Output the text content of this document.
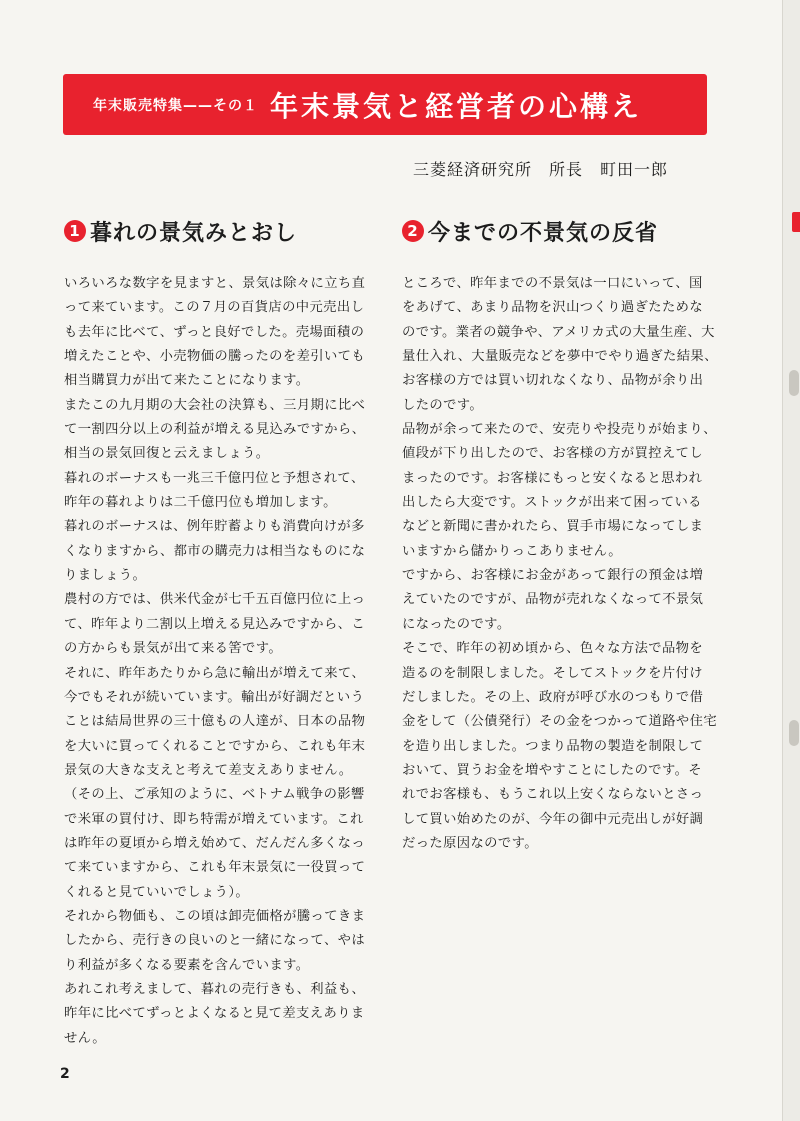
年末販売特集——その１ 年末景気と経営者の心構え
三菱経済研究所　所長　町田一郎
1 暮れの景気みとおし

いろいろな数字を見ますと、景気は除々に立ち直
って来ています。この７月の百貨店の中元売出し
も去年に比べて、ずっと良好でした。売場面積の
増えたことや、小売物価の騰ったのを差引いても
相当購買力が出て来たことになります。
またこの九月期の大会社の決算も、三月期に比べ
て一割四分以上の利益が増える見込みですから、
相当の景気回復と云えましょう。
暮れのボーナスも一兆三千億円位と予想されて、
昨年の暮れよりは二千億円位も増加します。
暮れのボーナスは、例年貯蓄よりも消費向けが多
くなりますから、都市の購売力は相当なものにな
りましょう。
農村の方では、供米代金が七千五百億円位に上っ
て、昨年より二割以上増える見込みですから、こ
の方からも景気が出て来る筈です。
それに、昨年あたりから急に輸出が増えて来て、
今でもそれが続いています。輸出が好調だという
ことは結局世界の三十億もの人達が、日本の品物
を大いに買ってくれることですから、これも年末
景気の大きな支えと考えて差支えありません。
（その上、ご承知のように、ベトナム戦争の影響
で米軍の買付け、即ち特需が増えています。これ
は昨年の夏頃から増え始めて、だんだん多くなっ
て来ていますから、これも年末景気に一役買って
くれると見ていいでしょう）。
それから物価も、この頃は卸売価格が騰ってきま
したから、売行きの良いのと一緒になって、やは
り利益が多くなる要素を含んでいます。
あれこれ考えまして、暮れの売行きも、利益も、
昨年に比べてずっとよくなると見て差支えありま
せん。

2 今までの不景気の反省

ところで、昨年までの不景気は一口にいって、国
をあげて、あまり品物を沢山つくり過ぎたためな
のです。業者の競争や、アメリカ式の大量生産、大
量仕入れ、大量販売などを夢中でやり過ぎた結果、
お客様の方では買い切れなくなり、品物が余り出
したのです。
品物が余って来たので、安売りや投売りが始まり、
値段が下り出したので、お客様の方が買控えてし
まったのです。お客様にもっと安くなると思われ
出したら大変です。ストックが出来て困っている
などと新聞に書かれたら、買手市場になってしま
いますから儲かりっこありません。
ですから、お客様にお金があって銀行の預金は増
えていたのですが、品物が売れなくなって不景気
になったのです。
そこで、昨年の初め頃から、色々な方法で品物を
造るのを制限しました。そしてストックを片付け
だしました。その上、政府が呼び水のつもりで借
金をして（公債発行）その金をつかって道路や住宅
を造り出しました。つまり品物の製造を制限して
おいて、買うお金を増やすことにしたのです。そ
れでお客様も、もうこれ以上安くならないとさっ
して買い始めたのが、今年の御中元売出しが好調
だった原因なのです。

2
